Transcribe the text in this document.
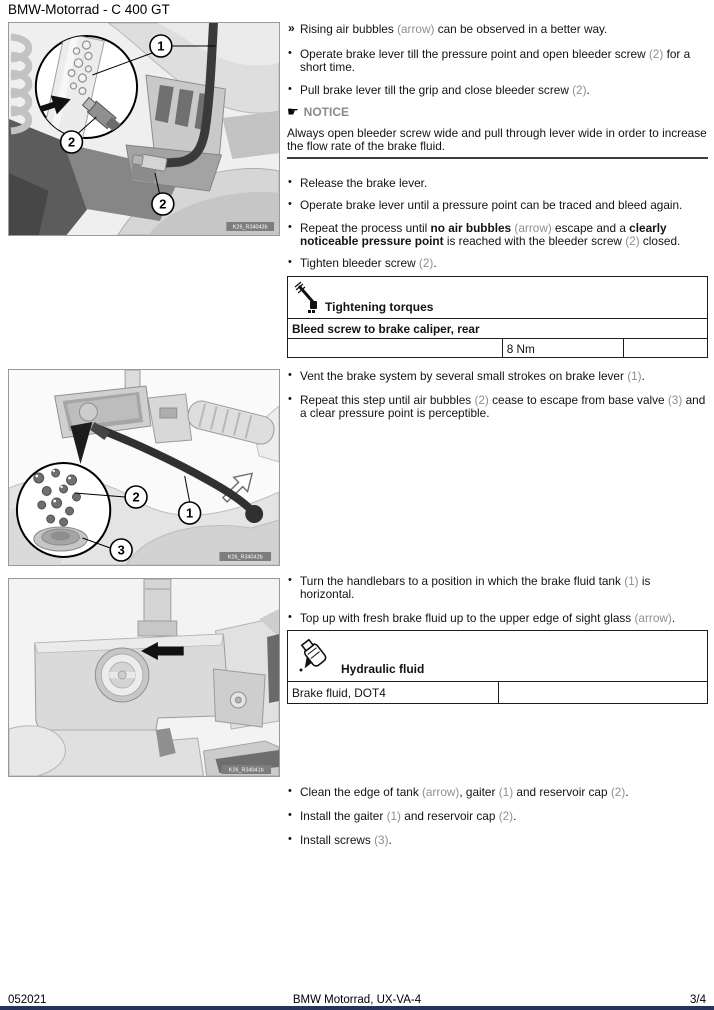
BMW-Motorrad - C 400 GT
2
1
2
K26_R34043b
2
3
1
K26_R34042b
K26_R34041b
» Rising air bubbles (arrow) can be observed in a better way.
• Operate brake lever till the pressure point and open bleeder screw (2) for a short time.
• Pull brake lever till the grip and close bleeder screw (2).
☛ NOTICE
Always open bleeder screw wide and pull through lever wide in order to increase the flow rate of the brake fluid.
• Release the brake lever.
• Operate brake lever until a pressure point can be traced and bleed again.
• Repeat the process until no air bubbles (arrow) escape and a clearly noticeable pressure point is reached with the bleeder screw (2) closed.
• Tighten bleeder screw (2).
Tightening torques
Bleed screw to brake caliper, rear
8 Nm
• Vent the brake system by several small strokes on brake lever (1).
• Repeat this step until air bubbles (2) cease to escape from base valve (3) and a clear pressure point is perceptible.
• Turn the handlebars to a position in which the brake fluid tank (1) is horizontal.
• Top up with fresh brake fluid up to the upper edge of sight glass (arrow).
Hydraulic fluid
Brake fluid, DOT4
• Clean the edge of tank (arrow), gaiter (1) and reservoir cap (2).
• Install the gaiter (1) and reservoir cap (2).
• Install screws (3).
BMW Motorrad, UX-VA-4
052021	3/4
